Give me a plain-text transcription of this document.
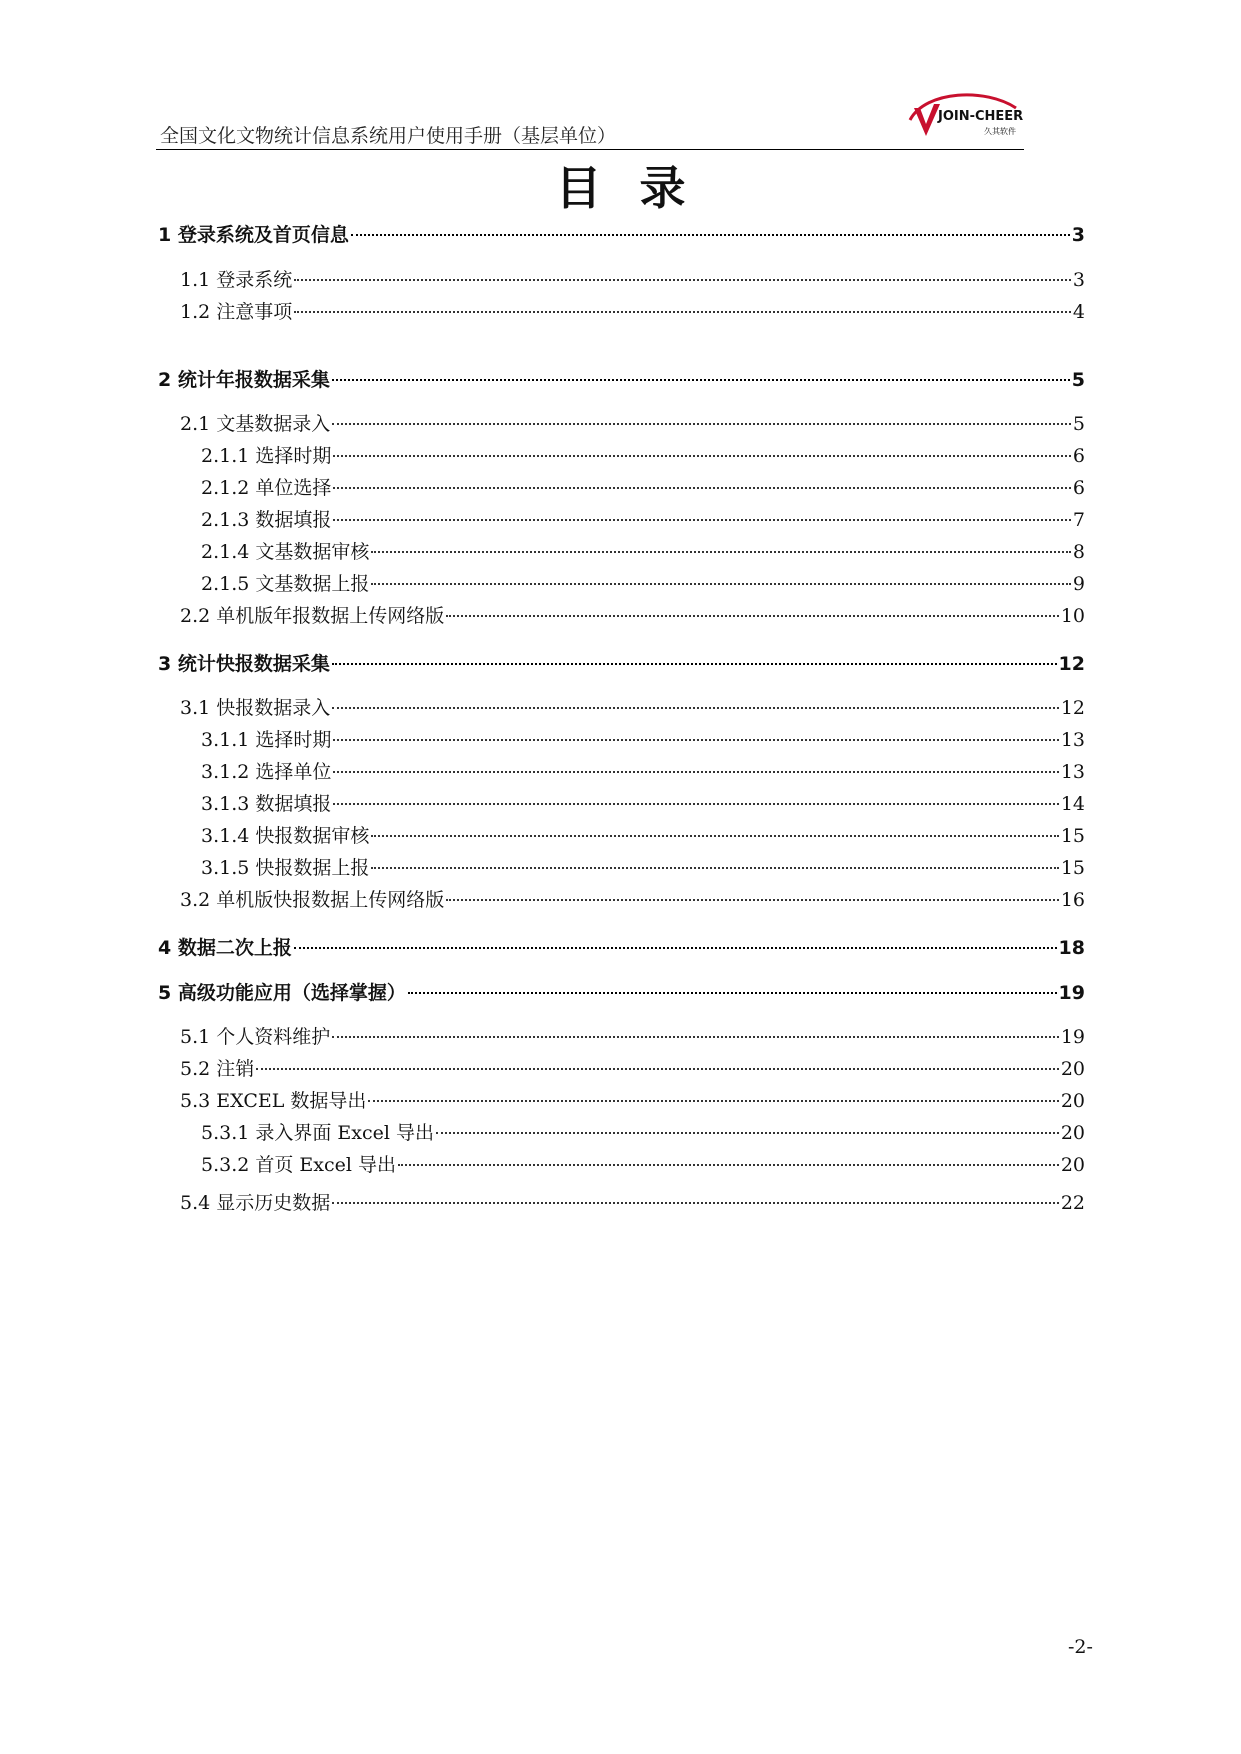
全国文化文物统计信息系统用户使用手册（基层单位）
JOIN-CHEER
久其软件
目录
1 登录系统及首页信息	3
1.1 登录系统	3
1.2 注意事项	4
2 统计年报数据采集	5
2.1 文基数据录入	5
2.1.1 选择时期	6
2.1.2 单位选择	6
2.1.3 数据填报	7
2.1.4 文基数据审核	8
2.1.5 文基数据上报	9
2.2 单机版年报数据上传网络版	10
3 统计快报数据采集	12
3.1 快报数据录入	12
3.1.1 选择时期	13
3.1.2 选择单位	13
3.1.3 数据填报	14
3.1.4 快报数据审核	15
3.1.5 快报数据上报	15
3.2 单机版快报数据上传网络版	16
4 数据二次上报	18
5 高级功能应用（选择掌握）	19
5.1 个人资料维护	19
5.2 注销	20
5.3 EXCEL 数据导出	20
5.3.1 录入界面 Excel 导出	20
5.3.2 首页 Excel 导出	20
5.4 显示历史数据	22
-2-
